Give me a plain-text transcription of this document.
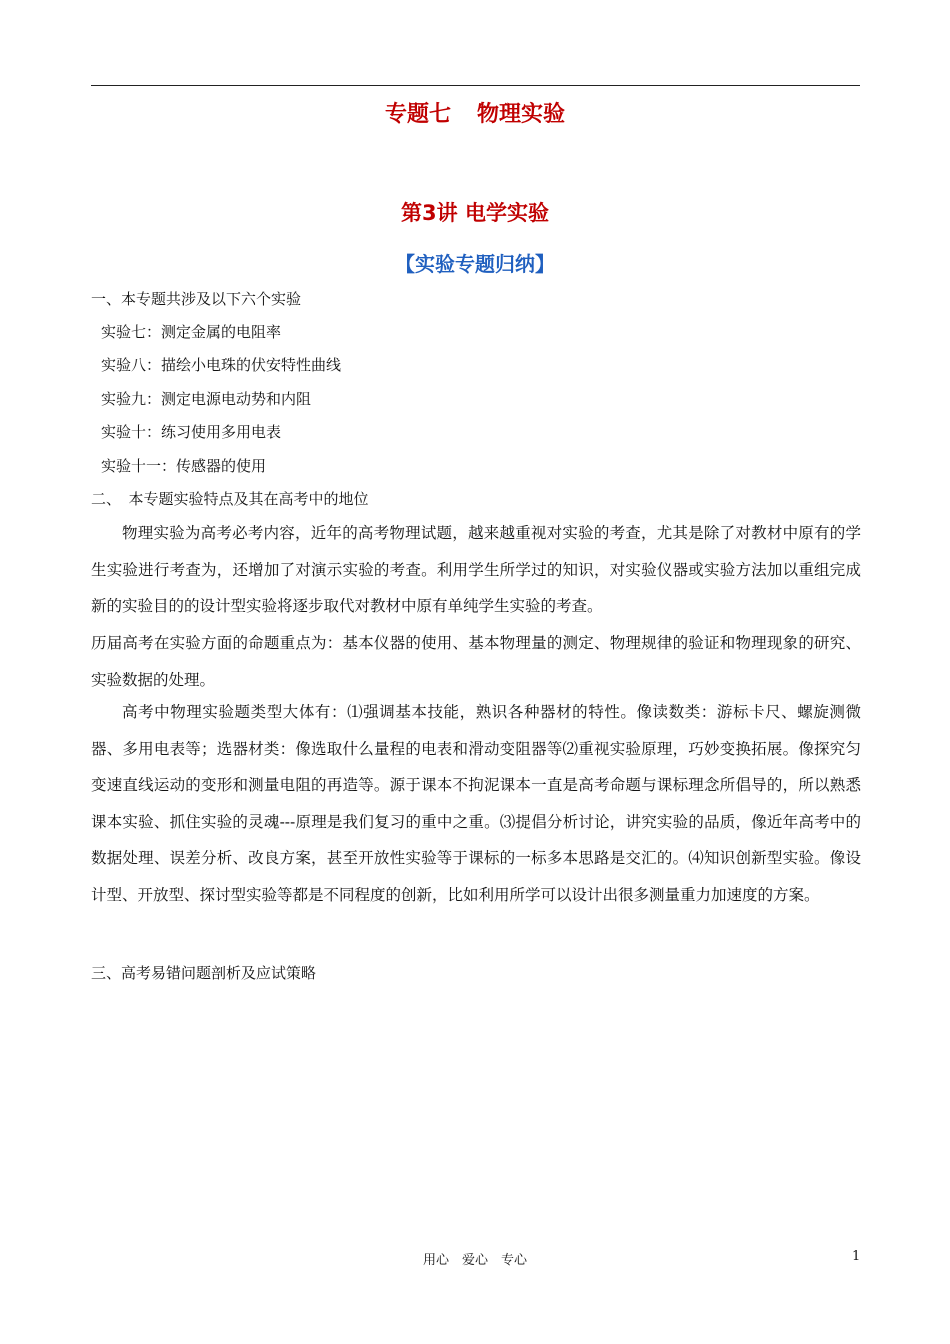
专题七 物理实验
第3讲 电学实验
【实验专题归纳】
一、本专题共涉及以下六个实验
实验七：测定金属的电阻率
实验八：描绘小电珠的伏安特性曲线
实验九：测定电源电动势和内阻
实验十：练习使用多用电表
实验十一：传感器的使用
二、　本专题实验特点及其在高考中的地位
物理实验为高考必考内容，近年的高考物理试题，越来越重视对实验的考查，尤其是除了对教材中原有的学生实验进行考查为，还增加了对演示实验的考查。利用学生所学过的知识，对实验仪器或实验方法加以重组完成新的实验目的的设计型实验将逐步取代对教材中原有单纯学生实验的考查。
历届高考在实验方面的命题重点为：基本仪器的使用、基本物理量的测定、物理规律的验证和物理现象的研究、实验数据的处理。
高考中物理实验题类型大体有：⑴强调基本技能，熟识各种器材的特性。像读数类：游标卡尺、螺旋测微器、多用电表等；选器材类：像选取什么量程的电表和滑动变阻器等⑵重视实验原理，巧妙变换拓展。像探究匀变速直线运动的变形和测量电阻的再造等。源于课本不拘泥课本一直是高考命题与课标理念所倡导的，所以熟悉课本实验、抓住实验的灵魂---原理是我们复习的重中之重。⑶提倡分析讨论，讲究实验的品质，像近年高考中的数据处理、误差分析、改良方案，甚至开放性实验等于课标的一标多本思路是交汇的。⑷知识创新型实验。像设计型、开放型、探讨型实验等都是不同程度的创新，比如利用所学可以设计出很多测量重力加速度的方案。
三、高考易错问题剖析及应试策略
用心　爱心　专心	1
